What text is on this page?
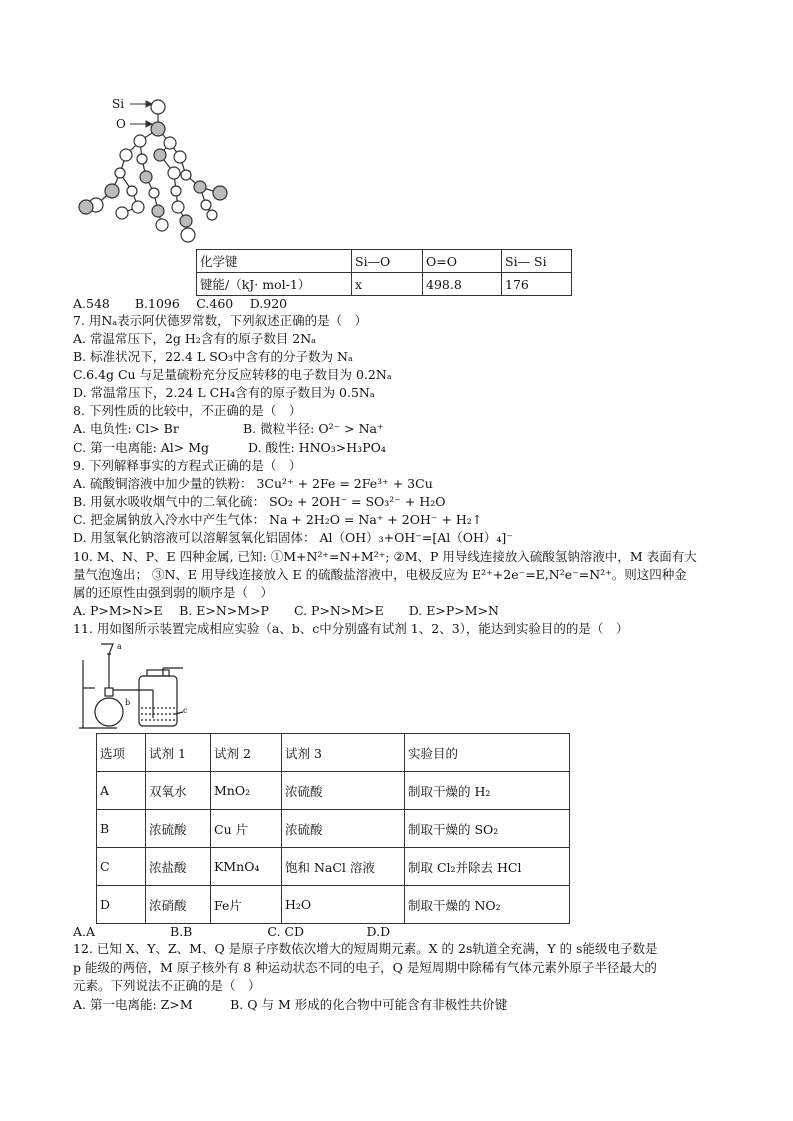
Si
O
化学键	Si—O	O=O	Si— Si
键能/（kJ· mol-1）	x	498.8	176
A.548　　B.1096　 C.460　 D.920
7. 用Nₐ表示阿伏德罗常数，下列叙述正确的是（　）
A. 常温常压下，2g H₂含有的原子数目 2Nₐ
B. 标准状况下，22.4 L SO₃中含有的分子数为 Nₐ
C.6.4g Cu 与足量硫粉充分反应转移的电子数目为 0.2Nₐ
D. 常温常压下，2.24 L CH₄含有的原子数目为 0.5Nₐ
8. 下列性质的比较中，不正确的是（　）
A. 电负性: Cl> Br	B. 微粒半径: O²⁻ > Na⁺
C. 第一电离能: Al> Mg	D. 酸性: HNO₃>H₃PO₄
9. 下列解释事实的方程式正确的是（　）
A. 硫酸铜溶液中加少量的铁粉： 3Cu²⁺ + 2Fe = 2Fe³⁺ + 3Cu
B. 用氨水吸收烟气中的二氧化硫： SO₂ + 2OH⁻ = SO₃²⁻ + H₂O
C. 把金属钠放入冷水中产生气体： Na + 2H₂O = Na⁺ + 2OH⁻ + H₂↑
D. 用氢氧化钠溶液可以溶解氢氧化铝固体： Al（OH）₃+OH⁻=[Al（OH）₄]⁻
10. M、N、P、E 四种金属, 已知: ①M+N²⁺=N+M²⁺; ②M、P 用导线连接放入硫酸氢钠溶液中，M 表面有大
量气泡逸出； ③N、E 用导线连接放入 E 的硫酸盐溶液中，电极反应为 E²⁺+2e⁻=E,N²e⁻=N²⁺。则这四种金
属的还原性由强到弱的顺序是（　）
A. P>M>N>E　 B. E>N>M>P　　C. P>N>M>E　　D. E>P>M>N
11. 用如图所示装置完成相应实验（a、b、c中分别盛有试剂 1、2、3），能达到实验目的的是（　）
a
b
c
选项	试剂 1	试剂 2	试剂 3	实验目的
A	双氧水	MnO₂	浓硫酸	制取干燥的 H₂
B	浓硫酸	Cu 片	浓硫酸	制取干燥的 SO₂
C	浓盐酸	KMnO₄	饱和 NaCl 溶液	制取 Cl₂并除去 HCl
D	浓硝酸	Fe片	H₂O	制取干燥的 NO₂
A.A　　　　　　B.B　　　　　　C. CD　　　　　D.D
12. 已知 X、Y、Z、M、Q 是原子序数依次增大的短周期元素。X 的 2s轨道全充满，Y 的 s能级电子数是
p 能级的两倍，M 原子核外有 8 种运动状态不同的电子，Q 是短周期中除稀有气体元素外原子半径最大的
元素。下列说法不正确的是（　）
A. 第一电离能: Z>M　　　B. Q 与 M 形成的化合物中可能含有非极性共价键
